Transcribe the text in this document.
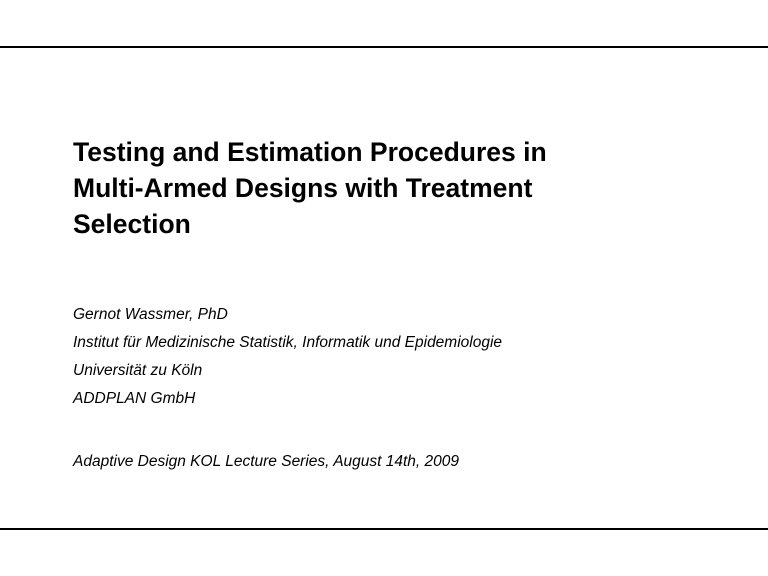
Testing and Estimation Procedures in
Multi-Armed Designs with Treatment
Selection
Gernot Wassmer, PhD
Institut für Medizinische Statistik, Informatik und Epidemiologie
Universität zu Köln
ADDPLAN GmbH
Adaptive Design KOL Lecture Series, August 14th, 2009
